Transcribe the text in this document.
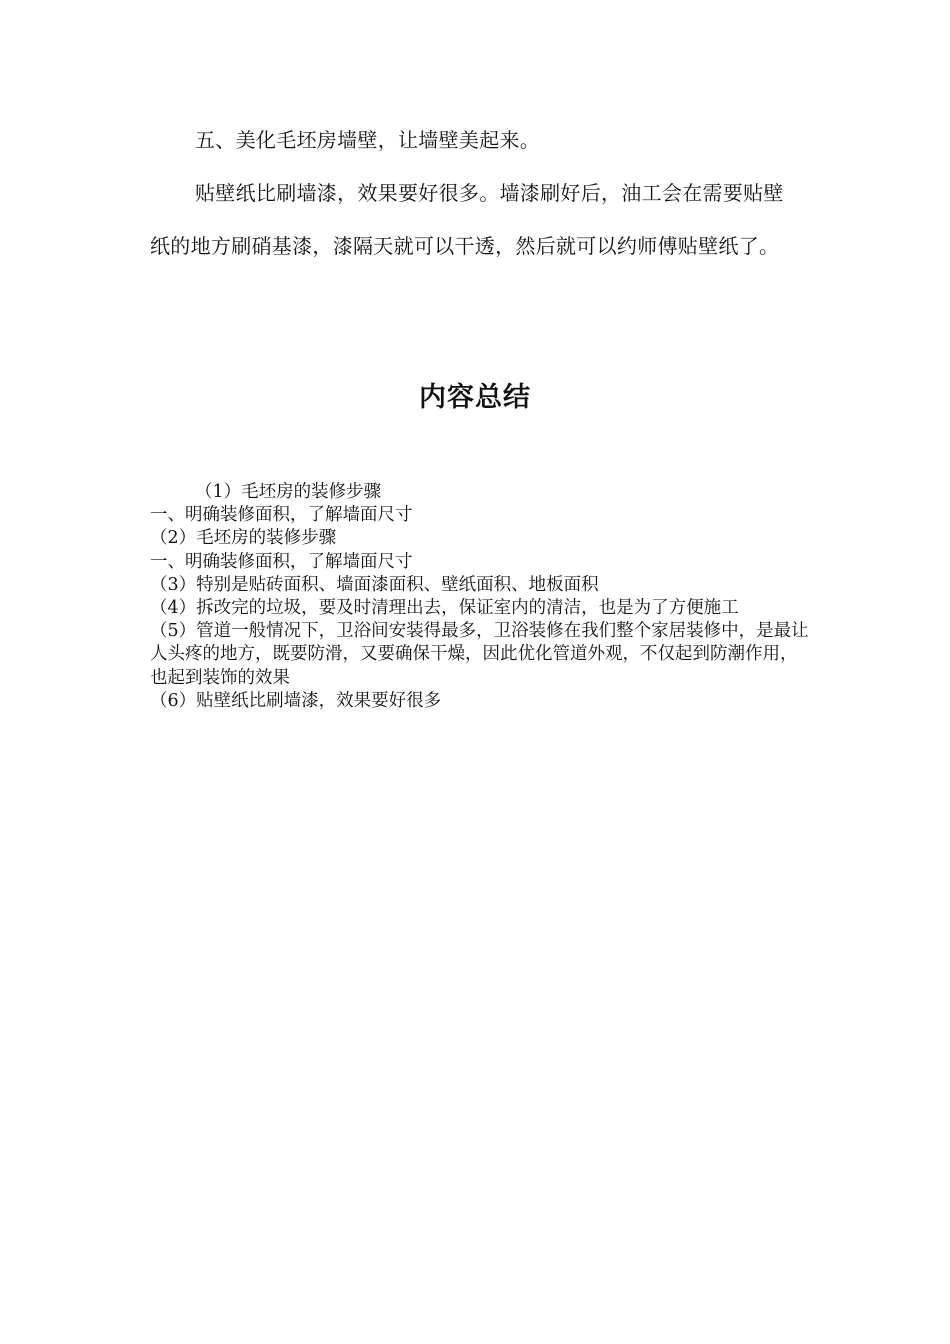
五、美化毛坯房墙壁，让墙壁美起来。

贴壁纸比刷墙漆，效果要好很多。墙漆刷好后，油工会在需要贴壁纸的地方刷硝基漆，漆隔天就可以干透，然后就可以约师傅贴壁纸了。

内容总结
（1）毛坯房的装修步骤
一、明确装修面积，了解墙面尺寸
（2）毛坯房的装修步骤
一、明确装修面积，了解墙面尺寸
（3）特别是贴砖面积、墙面漆面积、壁纸面积、地板面积
（4）拆改完的垃圾，要及时清理出去，保证室内的清洁，也是为了方便施工
（5）管道一般情况下，卫浴间安装得最多，卫浴装修在我们整个家居装修中，是最让人头疼的地方，既要防滑，又要确保干燥，因此优化管道外观，不仅起到防潮作用，也起到装饰的效果
（6）贴壁纸比刷墙漆，效果要好很多
